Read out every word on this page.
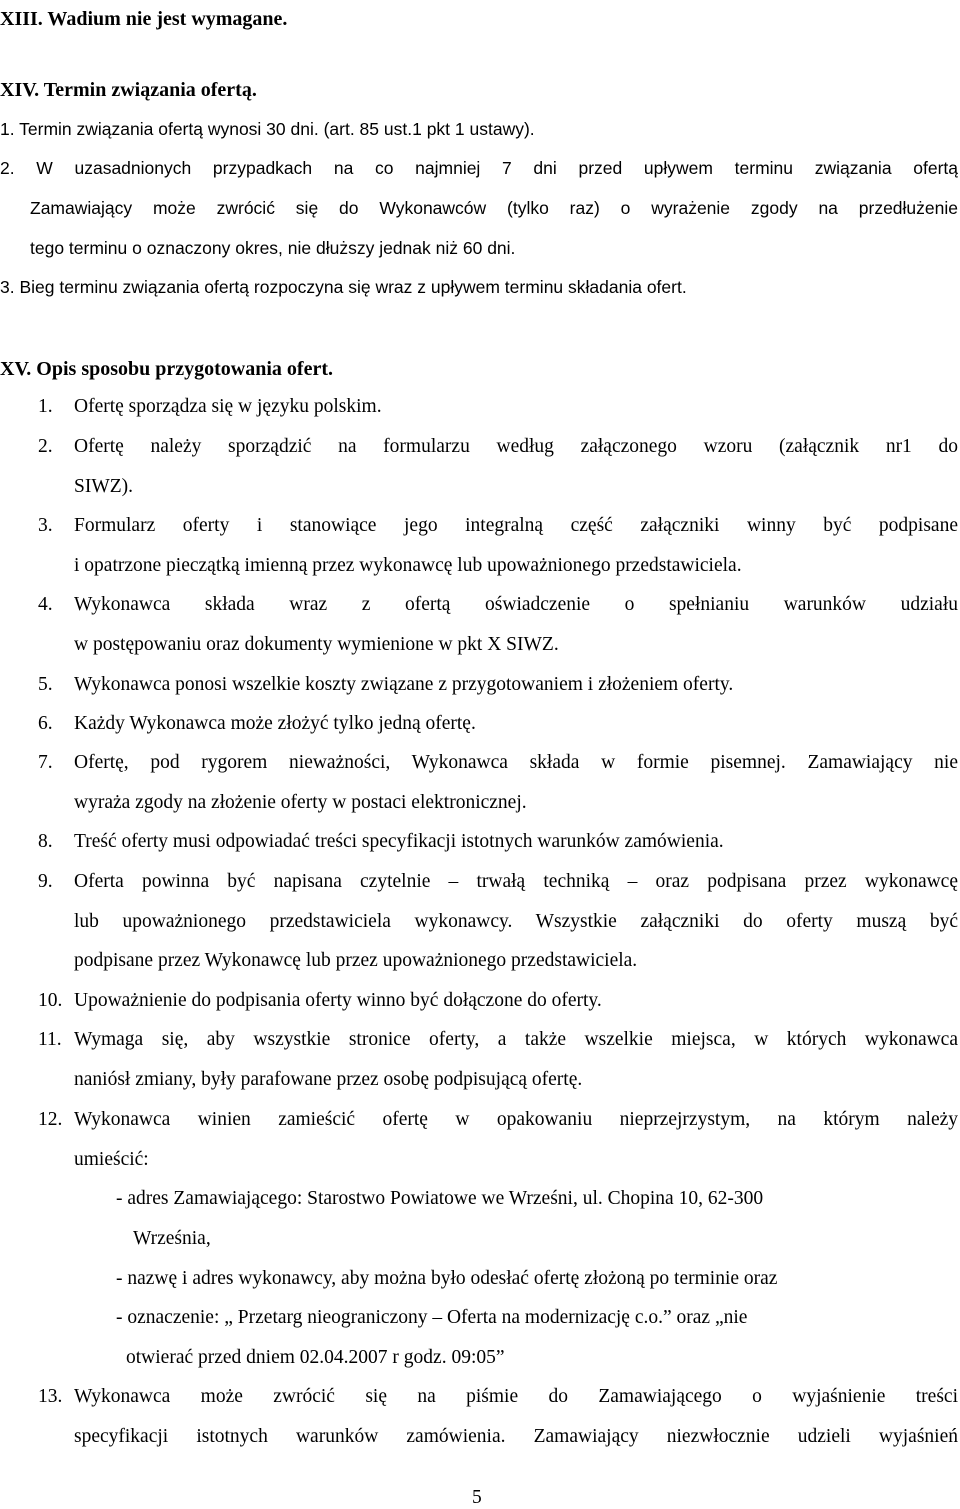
XIII. Wadium nie jest wymagane.
XIV. Termin związania ofertą.
1. Termin związania ofertą wynosi 30 dni. (art. 85 ust.1 pkt 1 ustawy).
2. W uzasadnionych przypadkach na co najmniej 7 dni przed upływem terminu związania ofertą
Zamawiający może zwrócić się do Wykonawców (tylko raz) o wyrażenie zgody na przedłużenie
tego terminu o oznaczony okres, nie dłuższy jednak niż 60 dni.
3. Bieg terminu związania ofertą rozpoczyna się wraz z upływem terminu składania ofert.
XV. Opis sposobu przygotowania ofert.
1. Ofertę sporządza się w języku polskim.
2. Ofertę należy sporządzić na formularzu według załączonego wzoru (załącznik nr1 do
SIWZ).
3. Formularz oferty i stanowiące jego integralną część załączniki winny być podpisane
i opatrzone pieczątką imienną przez wykonawcę lub upoważnionego przedstawiciela.
4. Wykonawca składa wraz z ofertą oświadczenie o spełnianiu warunków udziału
w postępowaniu oraz dokumenty wymienione w pkt X SIWZ.
5. Wykonawca ponosi wszelkie koszty związane z przygotowaniem i złożeniem oferty.
6. Każdy Wykonawca może złożyć tylko jedną ofertę.
7. Ofertę, pod rygorem nieważności, Wykonawca składa w formie pisemnej. Zamawiający nie
wyraża zgody na złożenie oferty w postaci elektronicznej.
8. Treść oferty musi odpowiadać treści specyfikacji istotnych warunków zamówienia.
9. Oferta powinna być napisana czytelnie – trwałą techniką – oraz podpisana przez wykonawcę
lub upoważnionego przedstawiciela wykonawcy. Wszystkie załączniki do oferty muszą być
podpisane przez Wykonawcę lub przez upoważnionego przedstawiciela.
10. Upoważnienie do podpisania oferty winno być dołączone do oferty.
11. Wymaga się, aby wszystkie stronice oferty, a także wszelkie miejsca, w których wykonawca
naniósł zmiany, były parafowane przez osobę podpisującą ofertę.
12. Wykonawca winien zamieścić ofertę w opakowaniu nieprzejrzystym, na którym należy
umieścić:
- adres Zamawiającego: Starostwo Powiatowe we Wrześni, ul. Chopina 10, 62-300
Września,
- nazwę i adres wykonawcy, aby można było odesłać ofertę złożoną po terminie oraz
- oznaczenie: „ Przetarg nieograniczony – Oferta na modernizację c.o.” oraz „nie
otwierać przed dniem 02.04.2007 r godz. 09:05”
13. Wykonawca może zwrócić się na piśmie do Zamawiającego o wyjaśnienie treści
specyfikacji istotnych warunków zamówienia. Zamawiający niezwłocznie udzieli wyjaśnień
5
